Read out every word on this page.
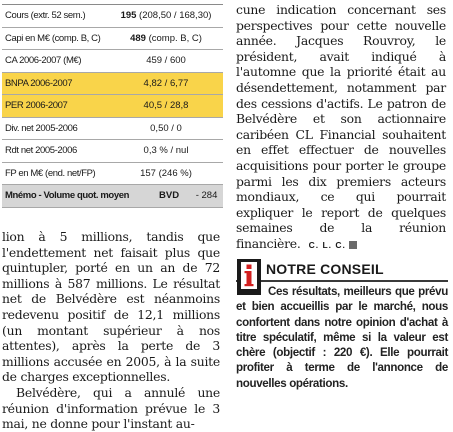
Cours (extr. 52 sem.)	195 (208,50 / 168,30)
Capi en M€ (comp. B, C)	489 (comp. B, C)
CA 2006-2007 (M€)	459 / 600
BNPA 2006-2007	4,82 / 6,77
PER 2006-2007	40,5 / 28,8
Div. net 2005-2006	0,50 / 0
Rdt net 2005-2006	0,3 % / nul
FP en M€ (end. net/FP)	157 (246 %)
Mnémo - Volume quot. moyen	BVD - 284

lion à 5 millions, tandis que l'endettement net faisait plus que quintupler, porté en un an de 72 millions à 587 millions. Le résultat net de Belvédère est néanmoins redevenu positif de 12,1 millions (un montant supérieur à nos attentes), après la perte de 3 millions accusée en 2005, à la suite de charges exceptionnelles.

Belvédère, qui a annulé une réunion d'information prévue le 3 mai, ne donne pour l'instant au-

cune indication concernant ses perspectives pour cette nouvelle année. Jacques Rouvroy, le président, avait indiqué à l'automne que la priorité était au désendettement, notamment par des cessions d'actifs. Le patron de Belvédère et son actionnaire caribéen CL Financial souhaitent en effet effectuer de nouvelles acquisitions pour porter le groupe parmi les dix premiers acteurs mondiaux, ce qui pourrait expliquer le report de quelques semaines de la réunion financière. C. L. C.

NOTRE CONSEIL

Ces résultats, meilleurs que prévu et bien accueillis par le marché, nous confortent dans notre opinion d'achat à titre spéculatif, même si la valeur est chère (objectif : 220 €). Elle pourrait profiter à terme de l'annonce de nouvelles opérations.
